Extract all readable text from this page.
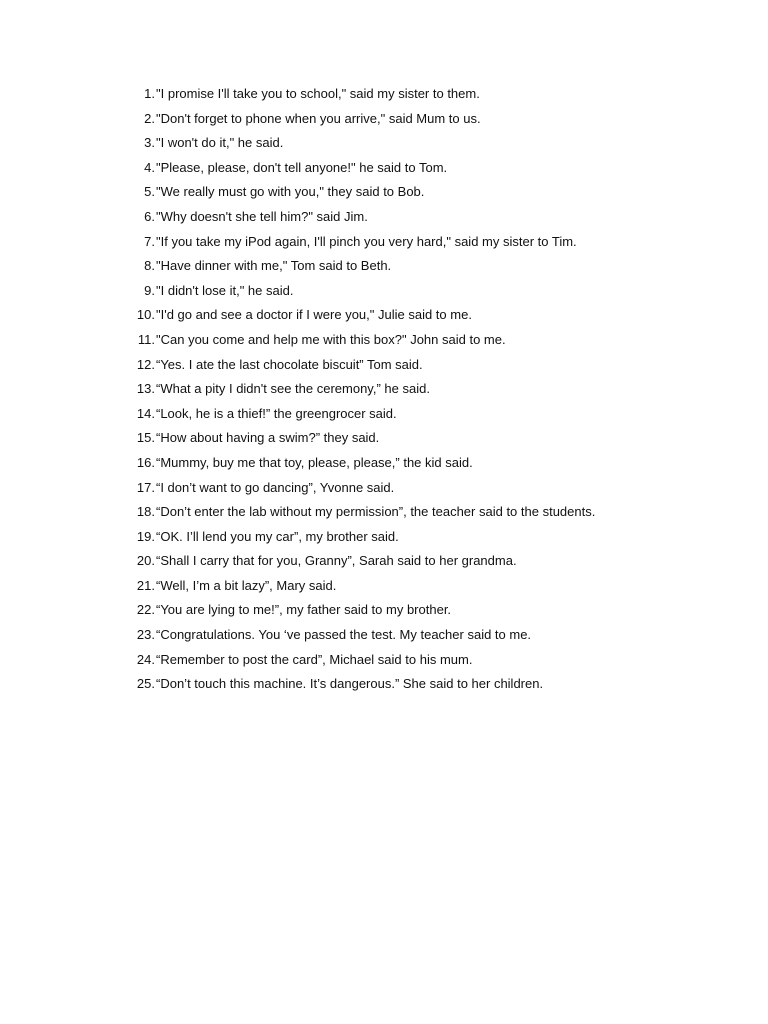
1. "I promise I'll take you to school," said my sister to them.
2. "Don't forget to phone when you arrive," said Mum to us.
3. "I won't do it," he said.
4. "Please, please, don't tell anyone!" he said to Tom.
5. "We really must go with you," they said to Bob.
6. "Why doesn't she tell him?" said Jim.
7. "If you take my iPod again, I'll pinch you very hard," said my sister to Tim.
8. "Have dinner with me," Tom said to Beth.
9. "I didn't lose it," he said.
10. "I'd go and see a doctor if I were you," Julie said to me.
11. "Can you come and help me with this box?" John said to me.
12. “Yes. I ate the last chocolate biscuit” Tom said.
13. “What a pity I didn't see the ceremony,” he said.
14. “Look, he is a thief!” the greengrocer said.
15. “How about having a swim?” they said.
16. “Mummy, buy me that toy, please, please,” the kid said.
17. “I don’t want to go dancing”, Yvonne said.
18. “Don’t enter the lab without my permission”, the teacher said to the students.
19. “OK. I’ll lend you my car”, my brother said.
20. “Shall I carry that for you, Granny”, Sarah said to her grandma.
21. “Well, I’m a bit lazy”, Mary said.
22. “You are lying to me!”, my father said to my brother.
23. “Congratulations. You ‘ve passed the test. My teacher said to me.
24. “Remember to post the card”, Michael said to his mum.
25. “Don’t touch this machine. It’s dangerous.” She said to her children.
